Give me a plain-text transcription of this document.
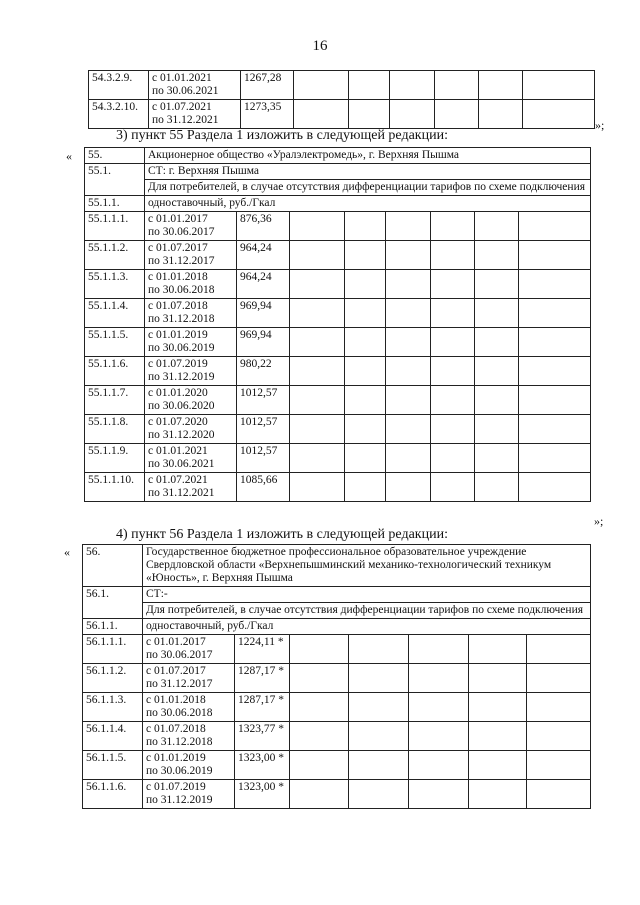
16
54.3.2.9.	с 01.01.2021
по 30.06.2021	1267,28						
54.3.2.10.	с 01.07.2021
по 31.12.2021	1273,35						
»;
3) пункт 55 Раздела 1 изложить в следующей редакции:
« 55.	Акционерное общество «Уралэлектромедь», г. Верхняя Пышма							
55.1.	СТ: г. Верхняя Пышма							
	Для потребителей, в случае отсутствия дифференциации тарифов по схеме подключения							
55.1.1.	одноставочный, руб./Гкал							
55.1.1.1.	с 01.01.2017
по 30.06.2017	876,36						
55.1.1.2.	с 01.07.2017
по 31.12.2017	964,24						
55.1.1.3.	с 01.01.2018
по 30.06.2018	964,24						
55.1.1.4.	с 01.07.2018
по 31.12.2018	969,94						
55.1.1.5.	с 01.01.2019
по 30.06.2019	969,94						
55.1.1.6.	с 01.07.2019
по 31.12.2019	980,22						
55.1.1.7.	с 01.01.2020
по 30.06.2020	1012,57						
55.1.1.8.	с 01.07.2020
по 31.12.2020	1012,57						
55.1.1.9.	с 01.01.2021
по 30.06.2021	1012,57						
55.1.1.10.	с 01.07.2021
по 31.12.2021	1085,66						
»;
4) пункт 56 Раздела 1 изложить в следующей редакции:
« 56.	Государственное бюджетное профессиональное образовательное учреждение Свердловской области «Верхнепышминский механико-технологический техникум «Юность», г. Верхняя Пышма						
56.1.	СТ:-						
	Для потребителей, в случае отсутствия дифференциации тарифов по схеме подключения						
56.1.1.	одноставочный, руб./Гкал						
56.1.1.1.	с 01.01.2017
по 30.06.2017	1224,11 *					
56.1.1.2.	с 01.07.2017
по 31.12.2017	1287,17 *					
56.1.1.3.	с 01.01.2018
по 30.06.2018	1287,17 *					
56.1.1.4.	с 01.07.2018
по 31.12.2018	1323,77 *					
56.1.1.5.	с 01.01.2019
по 30.06.2019	1323,00 *					
56.1.1.6.	с 01.07.2019
по 31.12.2019	1323,00 *					
